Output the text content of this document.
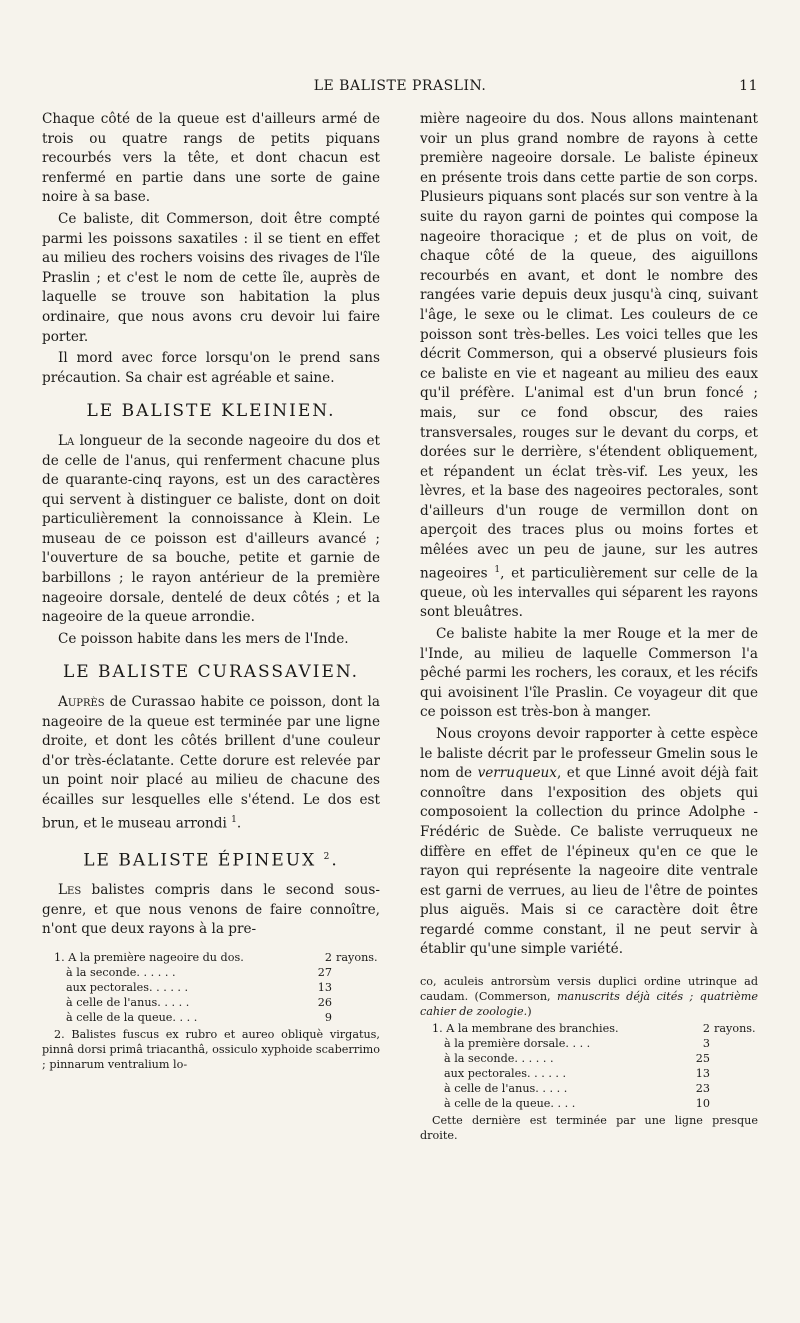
LE BALISTE PRASLIN.	11

Chaque côté de la queue est d'ailleurs armé de trois ou quatre rangs de petits piquans recourbés vers la tête, et dont chacun est renfermé en partie dans une sorte de gaine noire à sa base.

Ce baliste, dit Commerson, doit être compté parmi les poissons saxatiles : il se tient en effet au milieu des rochers voisins des rivages de l'île Praslin ; et c'est le nom de cette île, auprès de laquelle se trouve son habitation la plus ordinaire, que nous avons cru devoir lui faire porter.

Il mord avec force lorsqu'on le prend sans précaution. Sa chair est agréable et saine.

LE BALISTE KLEINIEN.

La longueur de la seconde nageoire du dos et de celle de l'anus, qui renferment chacune plus de quarante-cinq rayons, est un des caractères qui servent à distinguer ce baliste, dont on doit particulièrement la connoissance à Klein. Le museau de ce poisson est d'ailleurs avancé ; l'ouverture de sa bouche, petite et garnie de barbillons ; le rayon antérieur de la première nageoire dorsale, dentelé de deux côtés ; et la nageoire de la queue arrondie.

Ce poisson habite dans les mers de l'Inde.

LE BALISTE CURASSAVIEN.

Auprès de Curassao habite ce poisson, dont la nageoire de la queue est terminée par une ligne droite, et dont les côtés brillent d'une couleur d'or très-éclatante. Cette dorure est relevée par un point noir placé au milieu de chacune des écailles sur lesquelles elle s'étend. Le dos est brun, et le museau arrondi $^1$.

LE BALISTE ÉPINEUX $^2$.

Les balistes compris dans le second sous-genre, et que nous venons de faire connoître, n'ont que deux rayons à la pre-

1. A la première nageoire du dos.	2	rayons.
à la seconde. . . . . .	27	
aux pectorales. . . . . .	13	
à celle de l'anus. . . . .	26	
à celle de la queue. . . .	9	

2. Balistes fuscus ex rubro et aureo obliquè virgatus, pinnâ dorsi primâ triacanthâ, ossiculo xyphoide scaberrimo ; pinnarum ventralium lo-

mière nageoire du dos. Nous allons maintenant voir un plus grand nombre de rayons à cette première nageoire dorsale. Le baliste épineux en présente trois dans cette partie de son corps. Plusieurs piquans sont placés sur son ventre à la suite du rayon garni de pointes qui compose la nageoire thoracique ; et de plus on voit, de chaque côté de la queue, des aiguillons recourbés en avant, et dont le nombre des rangées varie depuis deux jusqu'à cinq, suivant l'âge, le sexe ou le climat. Les couleurs de ce poisson sont très-belles. Les voici telles que les décrit Commerson, qui a observé plusieurs fois ce baliste en vie et nageant au milieu des eaux qu'il préfère. L'animal est d'un brun foncé ; mais, sur ce fond obscur, des raies transversales, rouges sur le devant du corps, et dorées sur le derrière, s'étendent obliquement, et répandent un éclat très-vif. Les yeux, les lèvres, et la base des nageoires pectorales, sont d'ailleurs d'un rouge de vermillon dont on aperçoit des traces plus ou moins fortes et mêlées avec un peu de jaune, sur les autres nageoires $^1$, et particulièrement sur celle de la queue, où les intervalles qui séparent les rayons sont bleuâtres.

Ce baliste habite la mer Rouge et la mer de l'Inde, au milieu de laquelle Commerson l'a pêché parmi les rochers, les coraux, et les récifs qui avoisinent l'île Praslin. Ce voyageur dit que ce poisson est très-bon à manger.

Nous croyons devoir rapporter à cette espèce le baliste décrit par le professeur Gmelin sous le nom de verruqueux, et que Linné avoit déjà fait connoître dans l'exposition des objets qui composoient la collection du prince Adolphe - Frédéric de Suède. Ce baliste verruqueux ne diffère en effet de l'épineux qu'en ce que le rayon qui représente la nageoire dite ventrale est garni de verrues, au lieu de l'être de pointes plus aiguës. Mais si ce caractère doit être regardé comme constant, il ne peut servir à établir qu'une simple variété.

co, aculeis antrorsùm versis duplici ordine utrinque ad caudam. (Commerson, manuscrits déjà cités ; quatrième cahier de zoologie.)

1. A la membrane des branchies.	2	rayons.
à la première dorsale. . . .	3	
à la seconde. . . . . .	25	
aux pectorales. . . . . .	13	
à celle de l'anus. . . . .	23	
à celle de la queue. . . .	10	

Cette dernière est terminée par une ligne presque droite.
